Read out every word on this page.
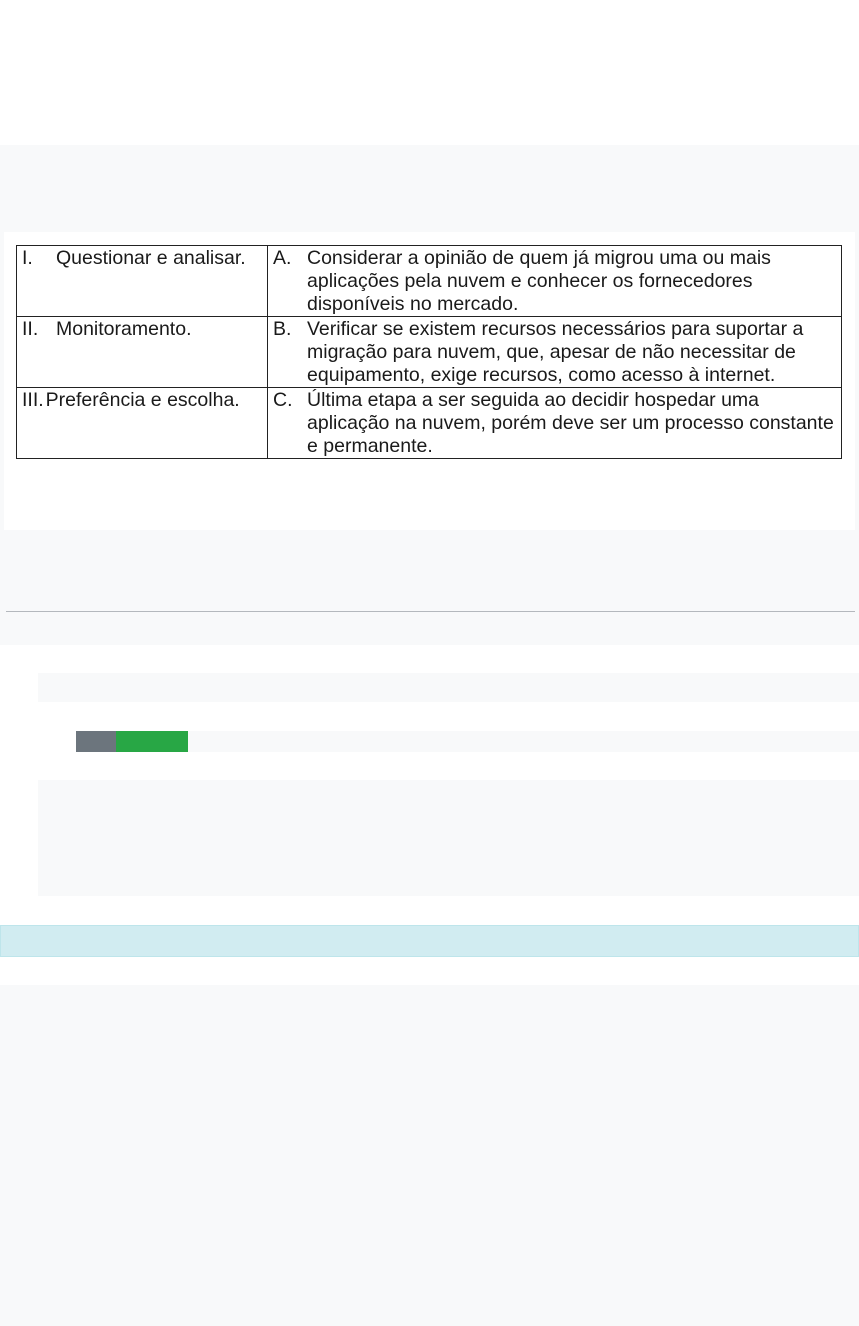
I. Questionar e analisar.	A. Considerar a opinião de quem já migrou uma ou mais aplicações pela nuvem e conhecer os fornecedores disponíveis no mercado.

II. Monitoramento.	B. Verificar se existem recursos necessários para suportar a migração para nuvem, que, apesar de não necessitar de equipamento, exige recursos, como acesso à internet.

III. Preferência e escolha.	C. Última etapa a ser seguida ao decidir hospedar uma aplicação na nuvem, porém deve ser um processo constante e permanente.
